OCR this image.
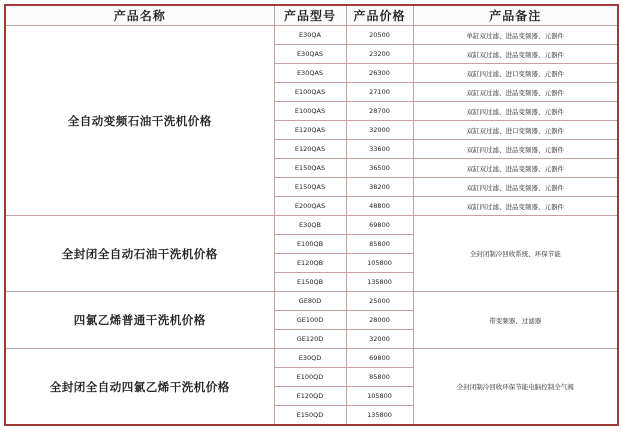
产品名称	产品型号	产品价格	产品备注
全自动变频石油干洗机价格	E30QA	20500	单缸双过滤、进品变频器、元器件
	E30QAS	23200	双缸双过滤、进品变频器、元器件
	E30QAS	26300	双缸四过滤、进口变频器、元器件
	E100QAS	27100	双缸双过滤、进品变频器、元器件
	E100QAS	28700	双缸四过滤、进品变频器、元器件
	E120QAS	32000	双缸双过滤、进口变频器、元器件
	E120QAS	33600	双缸四过滤、进品变频器、元器件
	E150QAS	36500	双缸双过滤、进品变频器、元器件
	E150QAS	38200	双缸四过滤、进品变频器、元器件
	E200QAS	48800	双缸四过滤、进品变频器、元器件
全封闭全自动石油干洗机价格	E30QB	69800	全封闭制冷回收系统、环保节能
	E100QB	85800	
	E120QB	105800	
	E150QB	135800	
四氯乙烯普通干洗机价格	GE80D	25000	带变频器、过滤器
	GE100D	28000	
	GE120D	32000	
全封闭全自动四氯乙烯干洗机价格	E30QD	69800	全封闭制冷回收环保节能电脑控制全气阀
	E100QD	85800	
	E120QD	105800	
	E150QD	135800	
